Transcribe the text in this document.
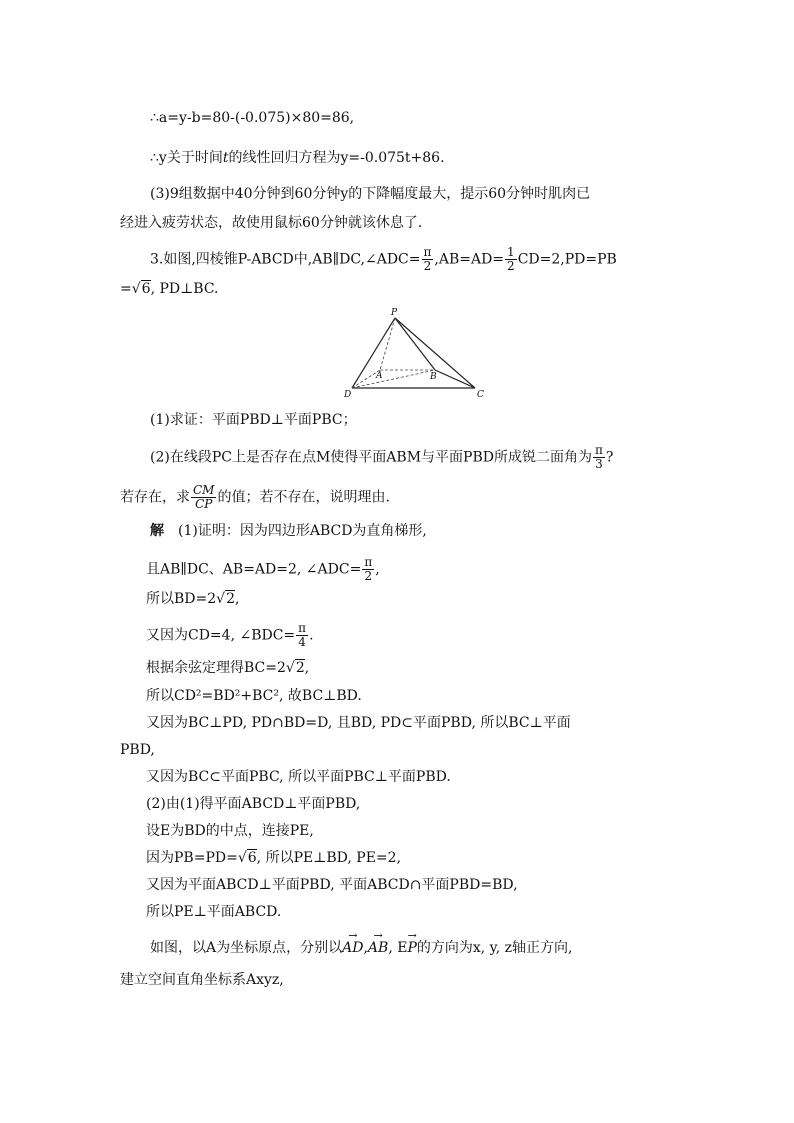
∴a=y-b=80-(-0.075)×80=86,
∴y关于时间t的线性回归方程为y=-0.075t+86.
(3)9组数据中40分钟到60分钟y的下降幅度最大，提示60分钟时肌肉已
经进入疲劳状态，故使用鼠标60分钟就该休息了.
3.如图,四棱锥P-ABCD中,AB∥DC,∠ADC= $\frac{\pi}{2} ,AB=AD= \frac{1}{2} CD=2,PD=PB$
=√6, PD⊥BC.
P
A	B
D	C
(1)求证：平面PBD⊥平面PBC；
(2)在线段PC上是否存在点M使得平面ABM与平面PBD所成锐二面角为 $\frac{\pi}{3}$ ?
若存在，求 $\frac{CM}{CP}$ 的值；若不存在，说明理由.
解 (1)证明：因为四边形ABCD为直角梯形,
且AB∥DC、AB=AD=2, ∠ADC= $\frac{\pi}{2}$ ,
所以BD=2√2,
又因为CD=4, ∠BDC= $\frac{\pi}{4}$ .
根据余弦定理得BC=2√2,
所以CD²=BD²+BC², 故BC⊥BD.
又因为BC⊥PD, PD∩BD=D, 且BD, PD⊂平面PBD, 所以BC⊥平面
PBD,
又因为BC⊂平面PBC, 所以平面PBC⊥平面PBD.
(2)由(1)得平面ABCD⊥平面PBD,
设E为BD的中点，连接PE,
因为PB=PD=√6, 所以PE⊥BD, PE=2,
又因为平面ABCD⊥平面PBD, 平面ABCD∩平面PBD=BD,
所以PE⊥平面ABCD.
如图，以A为坐标原点，分别以→ AD,→ AB, E→ P的方向为x, y, z轴正方向,
建立空间直角坐标系Axyz,
